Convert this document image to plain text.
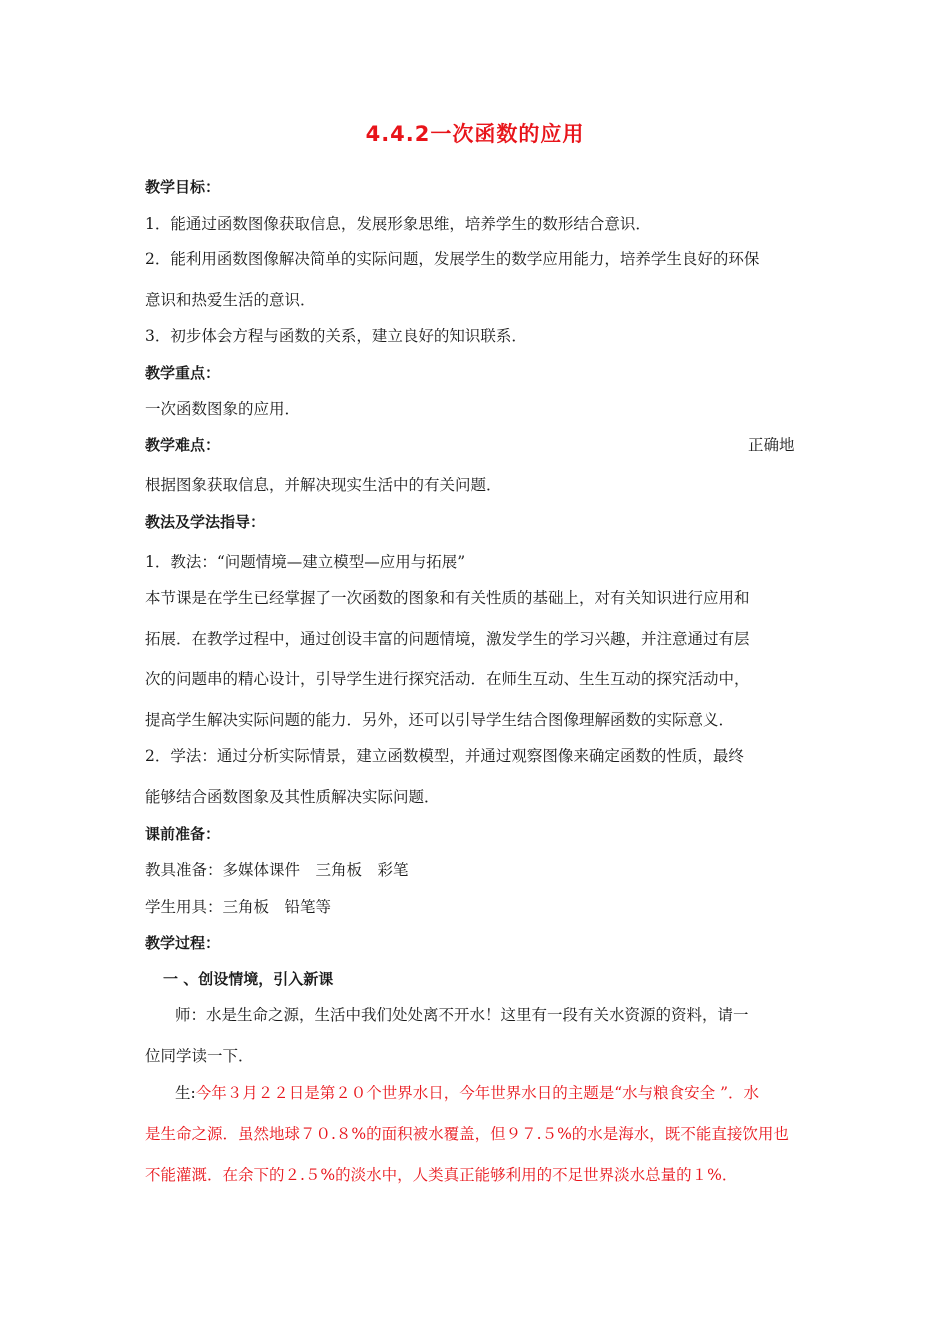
4.4.2一次函数的应用
教学目标：
1．能通过函数图像获取信息，发展形象思维，培养学生的数形结合意识．
2．能利用函数图像解决简单的实际问题，发展学生的数学应用能力，培养学生良好的环保
意识和热爱生活的意识．
3．初步体会方程与函数的关系，建立良好的知识联系．
教学重点：
一次函数图象的应用．
教学难点：	正确地
根据图象获取信息，并解决现实生活中的有关问题．
教法及学法指导：
1．教法：“问题情境—建立模型—应用与拓展”
本节课是在学生已经掌握了一次函数的图象和有关性质的基础上，对有关知识进行应用和
拓展．在教学过程中，通过创设丰富的问题情境，激发学生的学习兴趣，并注意通过有层
次的问题串的精心设计，引导学生进行探究活动．在师生互动、生生互动的探究活动中，
提高学生解决实际问题的能力．另外，还可以引导学生结合图像理解函数的实际意义．
2．学法：通过分析实际情景，建立函数模型，并通过观察图像来确定函数的性质，最终
能够结合函数图象及其性质解决实际问题．
课前准备：
教具准备：多媒体课件　三角板　彩笔
学生用具：三角板　铅笔等
教学过程：
一 、创设情境，引入新课
师：水是生命之源，生活中我们处处离不开水！这里有一段有关水资源的资料，请一
位同学读一下．
生:今年３月２２日是第２０个世界水日，今年世界水日的主题是“水与粮食安全 ”．水
是生命之源．虽然地球７０.８%的面积被水覆盖，但９７.５%的水是海水，既不能直接饮用也
不能灌溉．在余下的２.５%的淡水中，人类真正能够利用的不足世界淡水总量的１%．
